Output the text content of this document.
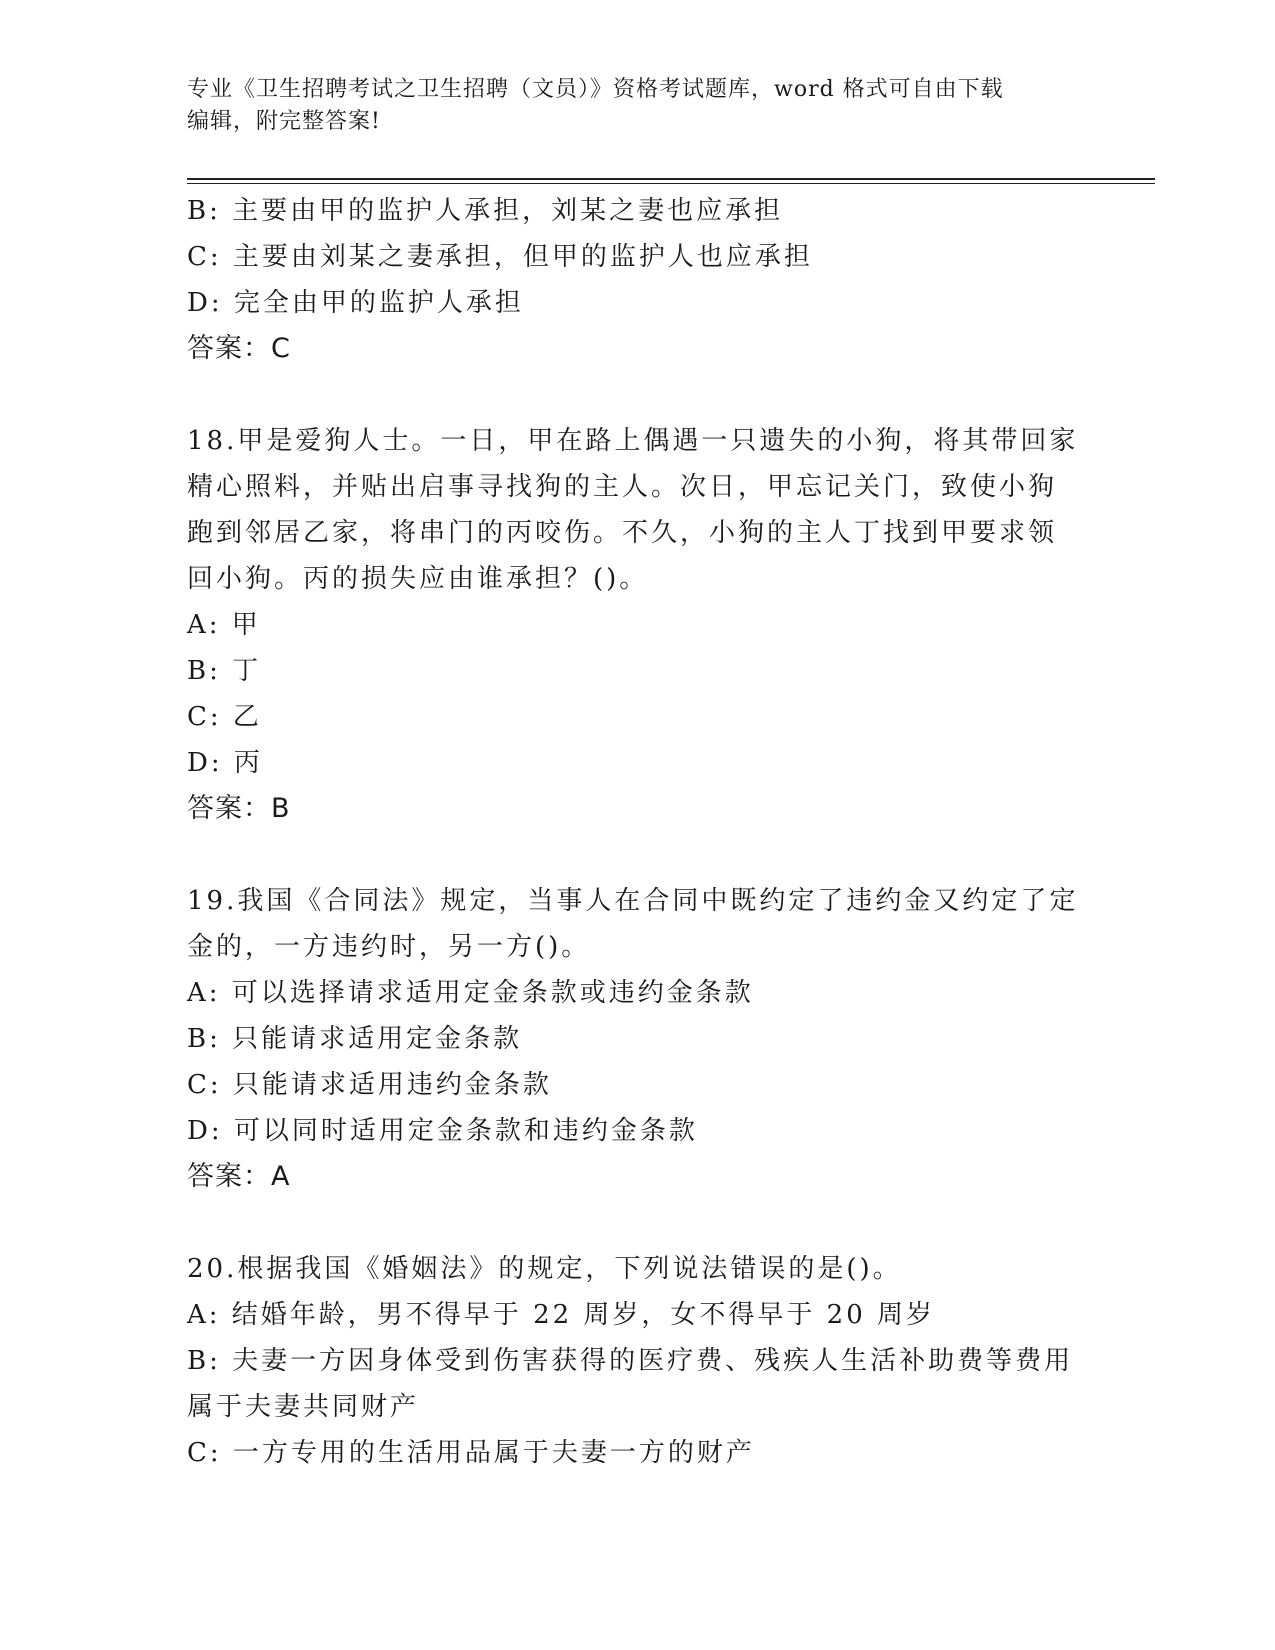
专业《卫生招聘考试之卫生招聘（文员）》资格考试题库，word 格式可自由下载
编辑，附完整答案!
B: 主要由甲的监护人承担，刘某之妻也应承担
C: 主要由刘某之妻承担，但甲的监护人也应承担
D: 完全由甲的监护人承担
答案：C
18.甲是爱狗人士。一日，甲在路上偶遇一只遗失的小狗，将其带回家
精心照料，并贴出启事寻找狗的主人。次日，甲忘记关门，致使小狗
跑到邻居乙家，将串门的丙咬伤。不久，小狗的主人丁找到甲要求领
回小狗。丙的损失应由谁承担？()。
A: 甲
B: 丁
C: 乙
D: 丙
答案：B
19.我国《合同法》规定，当事人在合同中既约定了违约金又约定了定
金的，一方违约时，另一方()。
A: 可以选择请求适用定金条款或违约金条款
B: 只能请求适用定金条款
C: 只能请求适用违约金条款
D: 可以同时适用定金条款和违约金条款
答案：A
20.根据我国《婚姻法》的规定，下列说法错误的是()。
A: 结婚年龄，男不得早于 22 周岁，女不得早于 20 周岁
B: 夫妻一方因身体受到伤害获得的医疗费、残疾人生活补助费等费用
属于夫妻共同财产
C: 一方专用的生活用品属于夫妻一方的财产
